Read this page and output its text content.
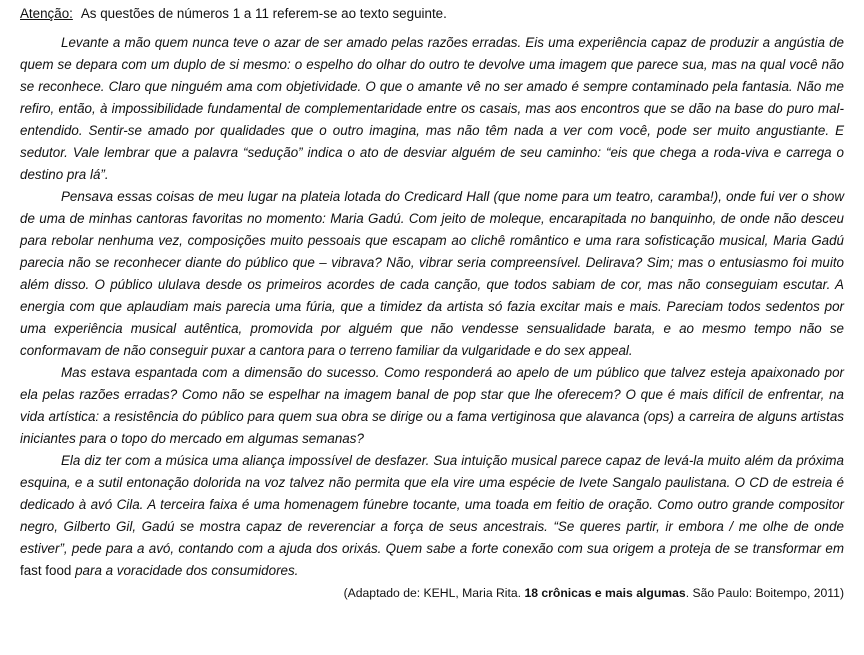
Atenção: As questões de números 1 a 11 referem-se ao texto seguinte.

Levante a mão quem nunca teve o azar de ser amado pelas razões erradas. Eis uma experiência capaz de produzir a angústia de quem se depara com um duplo de si mesmo: o espelho do olhar do outro te devolve uma imagem que parece sua, mas na qual você não se reconhece. Claro que ninguém ama com objetividade. O que o amante vê no ser amado é sempre contaminado pela fantasia. Não me refiro, então, à impossibilidade fundamental de complementaridade entre os casais, mas aos encontros que se dão na base do puro mal-entendido. Sentir-se amado por qualidades que o outro imagina, mas não têm nada a ver com você, pode ser muito angustiante. E sedutor. Vale lembrar que a palavra “sedução” indica o ato de desviar alguém de seu caminho: “eis que chega a roda-viva e carrega o destino pra lá”.

Pensava essas coisas de meu lugar na plateia lotada do Credicard Hall (que nome para um teatro, caramba!), onde fui ver o show de uma de minhas cantoras favoritas no momento: Maria Gadú. Com jeito de moleque, encarapitada no banquinho, de onde não desceu para rebolar nenhuma vez, composições muito pessoais que escapam ao clichê romântico e uma rara sofisticação musical, Maria Gadú parecia não se reconhecer diante do público que – vibrava? Não, vibrar seria compreensível. Delirava? Sim; mas o entusiasmo foi muito além disso. O público ululava desde os primeiros acordes de cada canção, que todos sabiam de cor, mas não conseguiam escutar. A energia com que aplaudiam mais parecia uma fúria, que a timidez da artista só fazia excitar mais e mais. Pareciam todos sedentos por uma experiência musical autêntica, promovida por alguém que não vendesse sensualidade barata, e ao mesmo tempo não se conformavam de não conseguir puxar a cantora para o terreno familiar da vulgaridade e do sex appeal.

Mas estava espantada com a dimensão do sucesso. Como responderá ao apelo de um público que talvez esteja apaixonado por ela pelas razões erradas? Como não se espelhar na imagem banal de pop star que lhe oferecem? O que é mais difícil de enfrentar, na vida artística: a resistência do público para quem sua obra se dirige ou a fama vertiginosa que alavanca (ops) a carreira de alguns artistas iniciantes para o topo do mercado em algumas semanas?

Ela diz ter com a música uma aliança impossível de desfazer. Sua intuição musical parece capaz de levá-la muito além da próxima esquina, e a sutil entonação dolorida na voz talvez não permita que ela vire uma espécie de Ivete Sangalo paulistana. O CD de estreia é dedicado à avó Cila. A terceira faixa é uma homenagem fúnebre tocante, uma toada em feitio de oração. Como outro grande compositor negro, Gilberto Gil, Gadú se mostra capaz de reverenciar a força de seus ancestrais. “Se queres partir, ir embora / me olhe de onde estiver”, pede para a avó, contando com a ajuda dos orixás. Quem sabe a forte conexão com sua origem a proteja de se transformar em fast food para a voracidade dos consumidores.

(Adaptado de: KEHL, Maria Rita. 18 crônicas e mais algumas. São Paulo: Boitempo, 2011)
